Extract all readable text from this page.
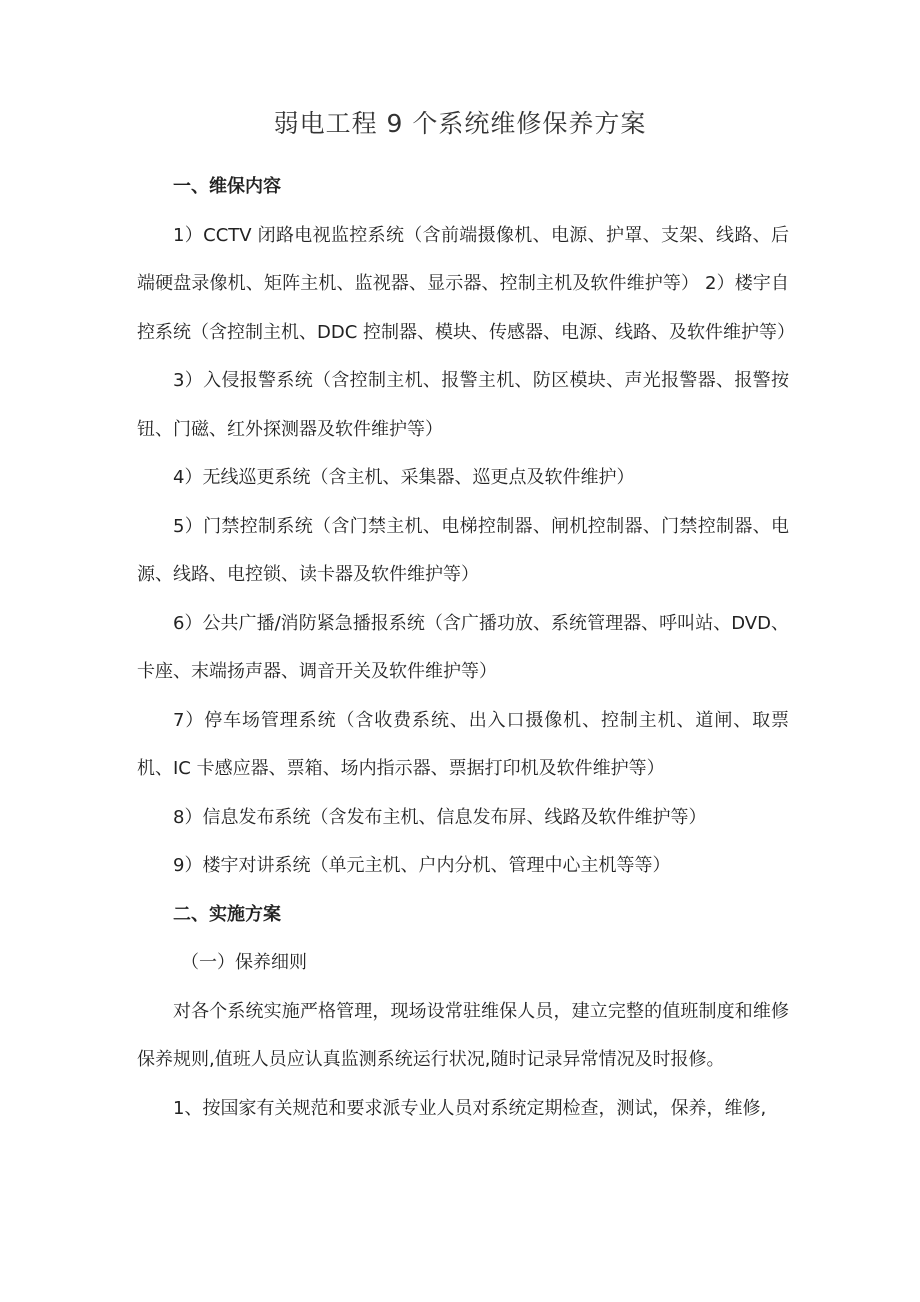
弱电工程 9 个系统维修保养方案

一、维保内容

1）CCTV 闭路电视监控系统（含前端摄像机、电源、护罩、支架、线路、后端硬盘录像机、矩阵主机、监视器、显示器、控制主机及软件维护等） 2）楼宇自控系统（含控制主机、DDC 控制器、模块、传感器、电源、线路、及软件维护等）

3）入侵报警系统（含控制主机、报警主机、防区模块、声光报警器、报警按钮、门磁、红外探测器及软件维护等）

4）无线巡更系统（含主机、采集器、巡更点及软件维护）

5）门禁控制系统（含门禁主机、电梯控制器、闸机控制器、门禁控制器、电源、线路、电控锁、读卡器及软件维护等）

6）公共广播/消防紧急播报系统（含广播功放、系统管理器、呼叫站、DVD、卡座、末端扬声器、调音开关及软件维护等）

7）停车场管理系统（含收费系统、出入口摄像机、控制主机、道闸、取票机、IC 卡感应器、票箱、场内指示器、票据打印机及软件维护等）

8）信息发布系统（含发布主机、信息发布屏、线路及软件维护等）

9）楼宇对讲系统（单元主机、户内分机、管理中心主机等等）

二、实施方案

（一）保养细则

对各个系统实施严格管理，现场设常驻维保人员，建立完整的值班制度和维修保养规则,值班人员应认真监测系统运行状况,随时记录异常情况及时报修。

1、按国家有关规范和要求派专业人员对系统定期检查，测试，保养，维修,
